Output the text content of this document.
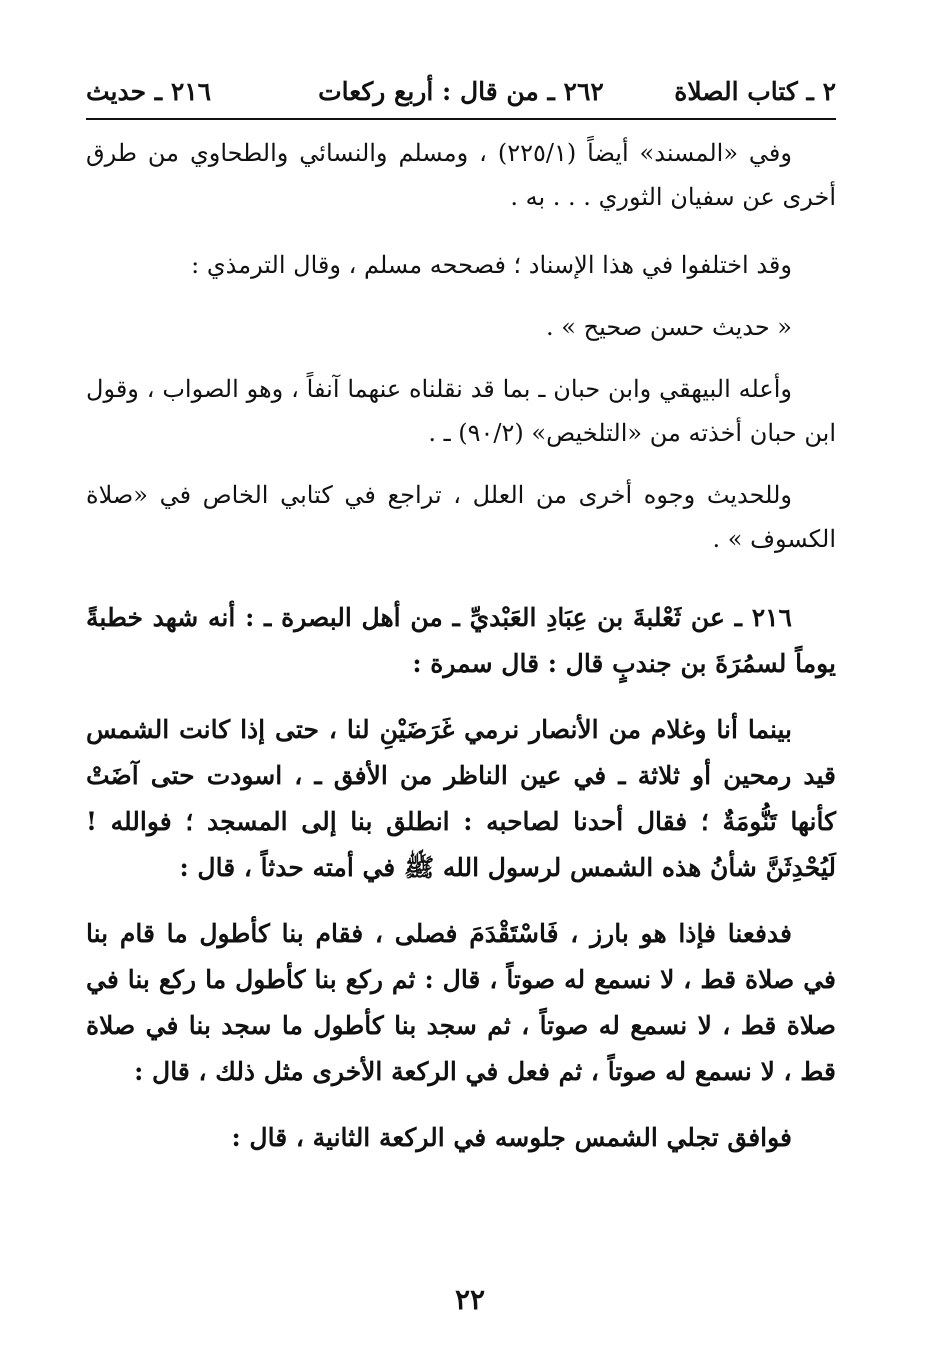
٢ ـ كتاب الصلاة
٢٦٢ ـ من قال : أربع ركعات
٢١٦ ـ حديث

وفي «المسند» أيضاً (٢٢٥/١) ، ومسلم والنسائي والطحاوي من طرق أخرى عن سفيان الثوري . . . به .

وقد اختلفوا في هذا الإسناد ؛ فصححه مسلم ، وقال الترمذي :

« حديث حسن صحيح » .

وأعله البيهقي وابن حبان ـ بما قد نقلناه عنهما آنفاً ، وهو الصواب ، وقول ابن حبان أخذته من «التلخيص» (٩٠/٢) ـ .

وللحديث وجوه أخرى من العلل ، تراجع في كتابي الخاص في «صلاة الكسوف » .

٢١٦ ـ عن ثَعْلبةَ بن عِبَادِ العَبْديِّ ـ من أهل البصرة ـ : أنه شهد خطبةً يوماً لسمُرَةَ بن جندبٍ قال : قال سمرة :

بينما أنا وغلام من الأنصار نرمي غَرَضَيْنِ لنا ، حتى إذا كانت الشمس قيد رمحين أو ثلاثة ـ في عين الناظر من الأفق ـ ، اسودت حتى آضَتْ كأنها تَنُّومَةٌ ؛ فقال أحدنا لصاحبه : انطلق بنا إلى المسجد ؛ فوالله ! لَيُحْدِثَنَّ شأنُ هذه الشمس لرسول الله ﷺ في أمته حدثاً ، قال :

فدفعنا فإذا هو بارز ، فَاسْتَقْدَمَ فصلى ، فقام بنا كأطول ما قام بنا في صلاة قط ، لا نسمع له صوتاً ، قال : ثم ركع بنا كأطول ما ركع بنا في صلاة قط ، لا نسمع له صوتاً ، ثم سجد بنا كأطول ما سجد بنا في صلاة قط ، لا نسمع له صوتاً ، ثم فعل في الركعة الأخرى مثل ذلك ، قال :

فوافق تجلي الشمس جلوسه في الركعة الثانية ، قال :

٢٢
